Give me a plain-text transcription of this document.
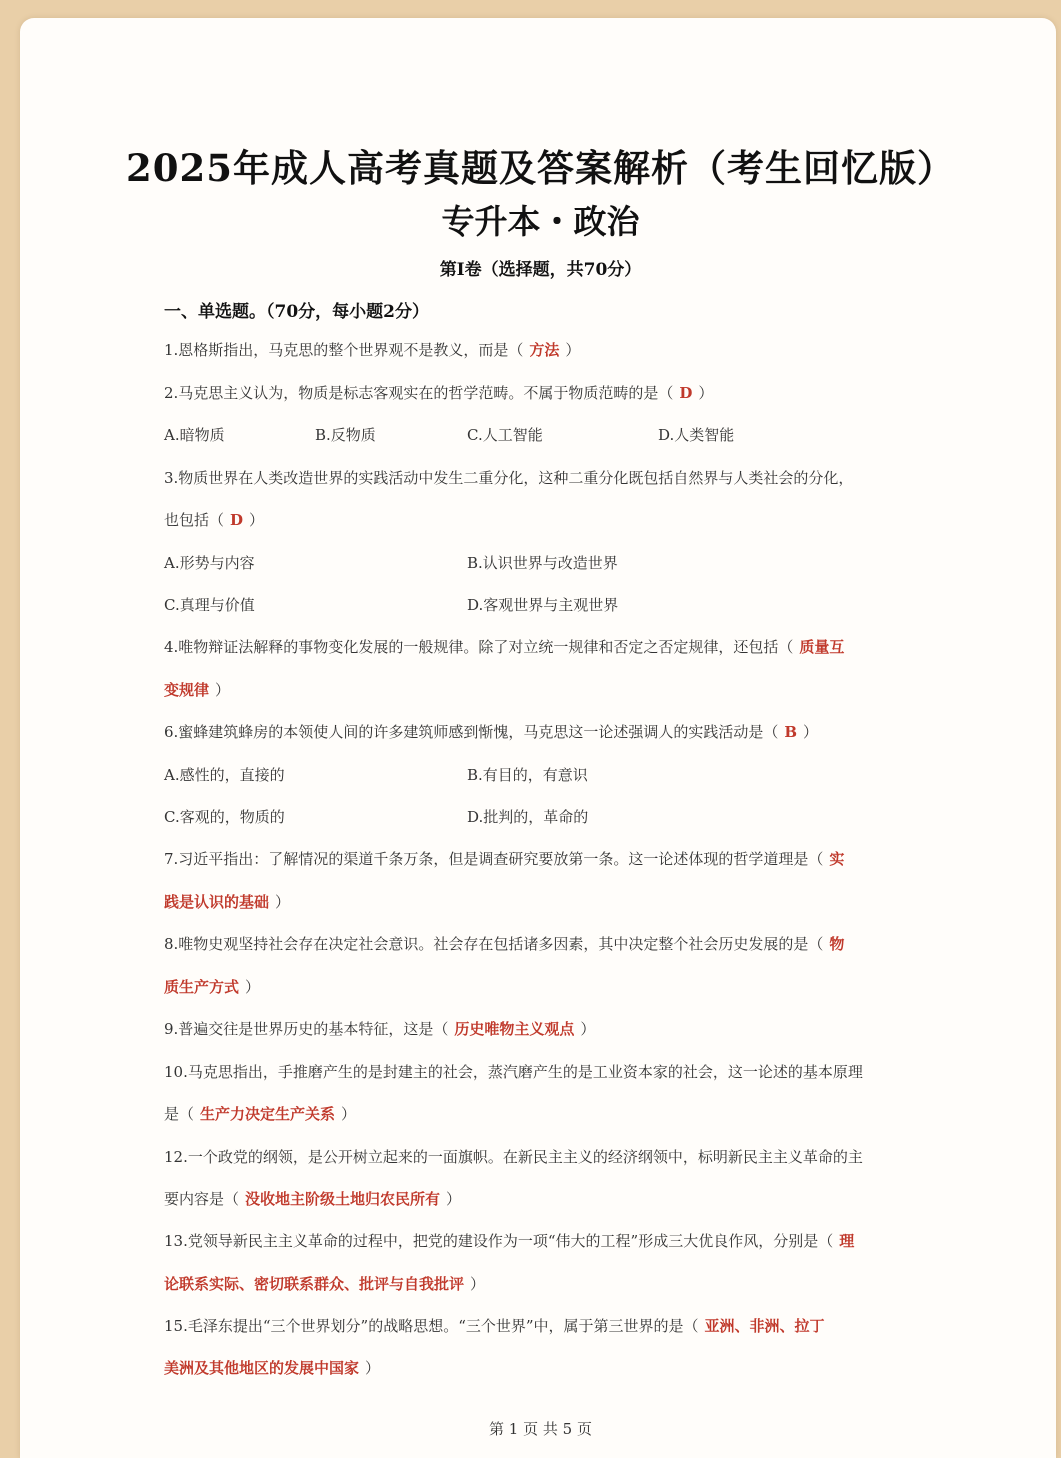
2025年成人高考真题及答案解析（考生回忆版）
专升本・政治
第Ⅰ卷（选择题，共70分）
一、单选题。（70分，每小题2分）
1.恩格斯指出，马克思的整个世界观不是教义，而是（ 方法 ）
2.马克思主义认为，物质是标志客观实在的哲学范畴。不属于物质范畴的是（ D ）
A.暗物质	B.反物质	C.人工智能	D.人类智能
3.物质世界在人类改造世界的实践活动中发生二重分化，这种二重分化既包括自然界与人类社会的分化，
也包括（ D ）
A.形势与内容	B.认识世界与改造世界
C.真理与价值	D.客观世界与主观世界
4.唯物辩证法解释的事物变化发展的一般规律。除了对立统一规律和否定之否定规律，还包括（ 质量互
变规律 ）
6.蜜蜂建筑蜂房的本领使人间的许多建筑师感到惭愧，马克思这一论述强调人的实践活动是（ B ）
A.感性的，直接的	B.有目的，有意识
C.客观的，物质的	D.批判的，革命的
7.习近平指出：了解情况的渠道千条万条，但是调查研究要放第一条。这一论述体现的哲学道理是（ 实
践是认识的基础 ）
8.唯物史观坚持社会存在决定社会意识。社会存在包括诸多因素，其中决定整个社会历史发展的是（ 物
质生产方式 ）
9.普遍交往是世界历史的基本特征，这是（ 历史唯物主义观点 ）
10.马克思指出，手推磨产生的是封建主的社会，蒸汽磨产生的是工业资本家的社会，这一论述的基本原理
是（ 生产力决定生产关系 ）
12.一个政党的纲领，是公开树立起来的一面旗帜。在新民主主义的经济纲领中，标明新民主主义革命的主
要内容是（ 没收地主阶级土地归农民所有 ）
13.党领导新民主主义革命的过程中，把党的建设作为一项“伟大的工程”形成三大优良作风，分别是（ 理
论联系实际、密切联系群众、批评与自我批评 ）
15.毛泽东提出“三个世界划分”的战略思想。“三个世界”中，属于第三世界的是（ 亚洲、非洲、拉丁
美洲及其他地区的发展中国家 ）
第 1 页 共 5 页
